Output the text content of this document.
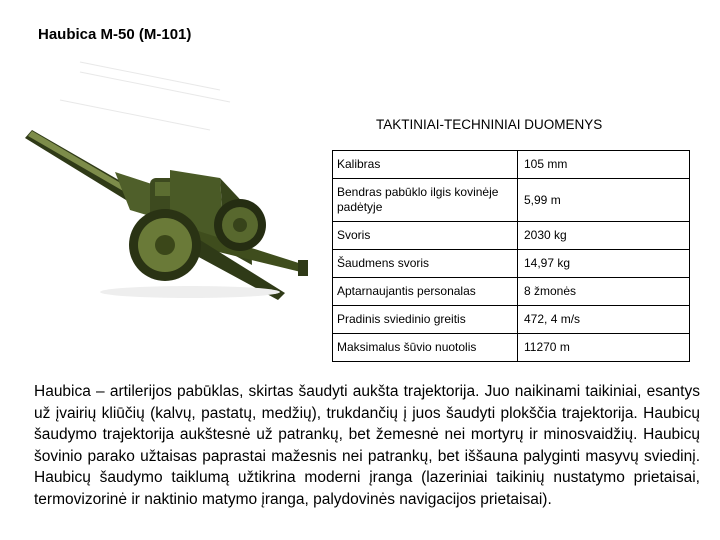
Haubica M-50 (M-101)
TAKTINIAI-TECHNINIAI DUOMENYS
Kalibras	105 mm
Bendras pabūklo ilgis kovinėje padėtyje	5,99 m
Svoris	2030 kg
Šaudmens svoris	14,97 kg
Aptarnaujantis personalas	8 žmonės
Pradinis sviedinio greitis	472, 4 m/s
Maksimalus šūvio nuotolis	11270 m
Haubica – artilerijos pabūklas, skirtas šaudyti aukšta trajektorija. Juo naikinami taikiniai, esantys už įvairių kliūčių (kalvų, pastatų, medžių), trukdančių į juos šaudyti plokščia trajektorija. Haubicų šaudymo trajektorija aukštesnė už patrankų, bet žemesnė nei mortyrų ir minosvaidžių. Haubicų šovinio parako užtaisas paprastai mažesnis nei patrankų, bet iššauna palyginti masyvų sviedinį. Haubicų šaudymo taiklumą užtikrina moderni įranga (lazeriniai taikinių nustatymo prietaisai, termovizorinė ir naktinio matymo įranga, palydovinės navigacijos prietaisai).
